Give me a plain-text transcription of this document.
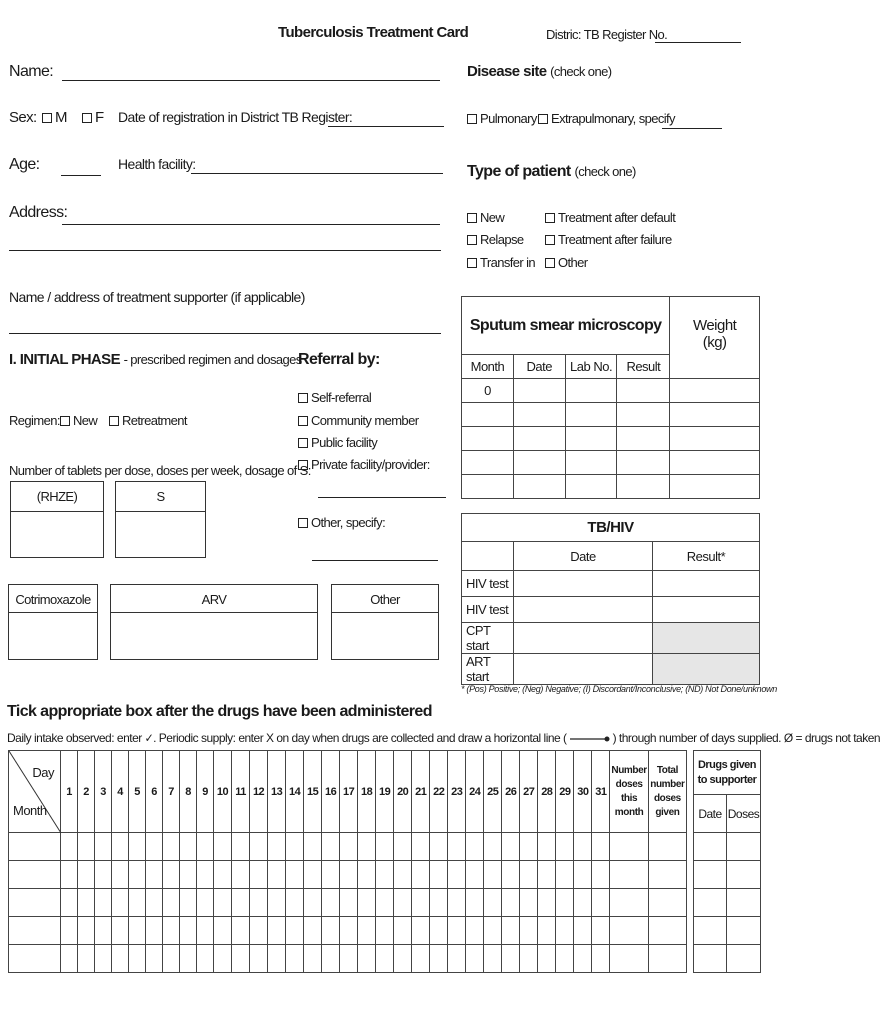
Tuberculosis Treatment Card	Distric: TB Register No.
Name:
Sex:	M	F Date of registration in District TB Register:
Age:	Health facility:
Address:
Name / address of treatment supporter (if applicable)
Disease site (check one)
Pulmonary	Extrapulmonary, specify
Type of patient (check one)
New
Relapse
Transfer in
Treatment after default
Treatment after failure
Other
I. INITIAL PHASE - prescribed regimen and dosages
Regimen:	New	Retreatment
Number of tablets per dose, doses per week, dosage of S:
(RHZE)	S
Cotrimoxazole	ARV	Other
Referral by:
Self-referral
Community member
Public facility
Private facility/provider:
Other, specify:
Sputum smear microscopy				Weight
(kg)

Month	Date	Lab No.	Result	
0				

TB/HIV		
	Date	Result*
HIV test		
HIV test		
CPT start		
ART start		
* (Pos) Positive; (Neg) Negative; (I) Discordant/Inconclusive; (ND) Not Done/unknown
Tick appropriate box after the drugs have been administered
Daily intake observed: enter ✓. Periodic supply: enter X on day when drugs are collected and draw a horizontal line (	) through number of days supplied. Ø = drugs not taken
Day
Month	1	2	3	4	5	6	7	8	9	10	11	12	13	14	15	16	17	18	19	20	21	22	23	24	25	26	27	28	29	30	31	Number doses this month	Total number doses given

Drugs given to supporter	
Date	Doses
